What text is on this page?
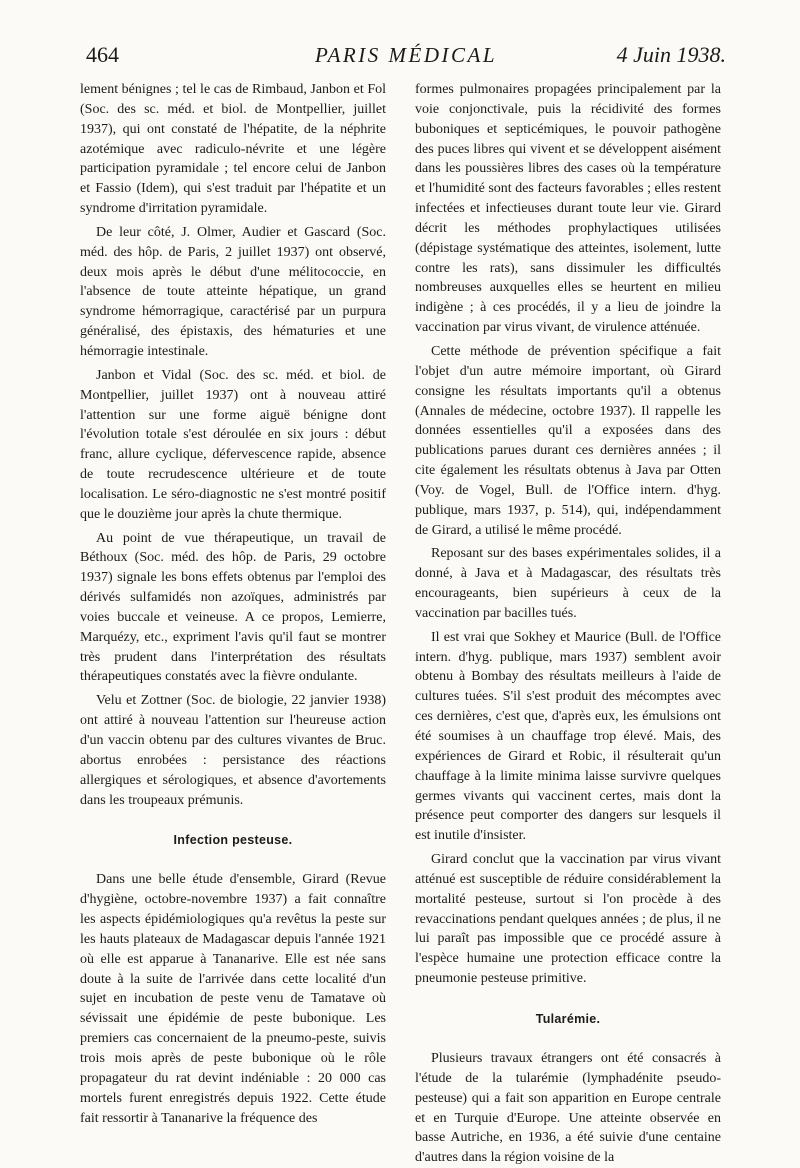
464	PARIS MÉDICAL	4 Juin 1938.

lement bénignes ; tel le cas de Rimbaud, Janbon et Fol (Soc. des sc. méd. et biol. de Montpellier, juillet 1937), qui ont constaté de l'hépatite, de la néphrite azotémique avec radiculo-névrite et une légère participation pyramidale ; tel encore celui de Janbon et Fassio (Idem), qui s'est traduit par l'hépatite et un syndrome d'irritation pyramidale.

De leur côté, J. Olmer, Audier et Gascard (Soc. méd. des hôp. de Paris, 2 juillet 1937) ont observé, deux mois après le début d'une mélitococcie, en l'absence de toute atteinte hépatique, un grand syndrome hémorragique, caractérisé par un purpura généralisé, des épistaxis, des hématuries et une hémorragie intestinale.

Janbon et Vidal (Soc. des sc. méd. et biol. de Montpellier, juillet 1937) ont à nouveau attiré l'attention sur une forme aiguë bénigne dont l'évolution totale s'est déroulée en six jours : début franc, allure cyclique, défervescence rapide, absence de toute recrudescence ultérieure et de toute localisation. Le séro-diagnostic ne s'est montré positif que le douzième jour après la chute thermique.

Au point de vue thérapeutique, un travail de Béthoux (Soc. méd. des hôp. de Paris, 29 octobre 1937) signale les bons effets obtenus par l'emploi des dérivés sulfamidés non azoïques, administrés par voies buccale et veineuse. A ce propos, Lemierre, Marquézy, etc., expriment l'avis qu'il faut se montrer très prudent dans l'interprétation des résultats thérapeutiques constatés avec la fièvre ondulante.

Velu et Zottner (Soc. de biologie, 22 janvier 1938) ont attiré à nouveau l'attention sur l'heureuse action d'un vaccin obtenu par des cultures vivantes de Bruc. abortus enrobées : persistance des réactions allergiques et sérologiques, et absence d'avortements dans les troupeaux prémunis.

Infection pesteuse.

Dans une belle étude d'ensemble, Girard (Revue d'hygiène, octobre-novembre 1937) a fait connaître les aspects épidémiologiques qu'a revêtus la peste sur les hauts plateaux de Madagascar depuis l'année 1921 où elle est apparue à Tananarive. Elle est née sans doute à la suite de l'arrivée dans cette localité d'un sujet en incubation de peste venu de Tamatave où sévissait une épidémie de peste bubonique. Les premiers cas concernaient de la pneumo-peste, suivis trois mois après de peste bubonique où le rôle propagateur du rat devint indéniable : 20 000 cas mortels furent enregistrés depuis 1922. Cette étude fait ressortir à Tananarive la fréquence des

formes pulmonaires propagées principalement par la voie conjonctivale, puis la récidivité des formes buboniques et septicémiques, le pouvoir pathogène des puces libres qui vivent et se développent aisément dans les poussières libres des cases où la température et l'humidité sont des facteurs favorables ; elles restent infectées et infectieuses durant toute leur vie. Girard décrit les méthodes prophylactiques utilisées (dépistage systématique des atteintes, isolement, lutte contre les rats), sans dissimuler les difficultés nombreuses auxquelles elles se heurtent en milieu indigène ; à ces procédés, il y a lieu de joindre la vaccination par virus vivant, de virulence atténuée.

Cette méthode de prévention spécifique a fait l'objet d'un autre mémoire important, où Girard consigne les résultats importants qu'il a obtenus (Annales de médecine, octobre 1937). Il rappelle les données essentielles qu'il a exposées dans des publications parues durant ces dernières années ; il cite également les résultats obtenus à Java par Otten (Voy. de Vogel, Bull. de l'Office intern. d'hyg. publique, mars 1937, p. 514), qui, indépendamment de Girard, a utilisé le même procédé.

Reposant sur des bases expérimentales solides, il a donné, à Java et à Madagascar, des résultats très encourageants, bien supérieurs à ceux de la vaccination par bacilles tués.

Il est vrai que Sokhey et Maurice (Bull. de l'Office intern. d'hyg. publique, mars 1937) semblent avoir obtenu à Bombay des résultats meilleurs à l'aide de cultures tuées. S'il s'est produit des mécomptes avec ces dernières, c'est que, d'après eux, les émulsions ont été soumises à un chauffage trop élevé. Mais, des expériences de Girard et Robic, il résulterait qu'un chauffage à la limite minima laisse survivre quelques germes vivants qui vaccinent certes, mais dont la présence peut comporter des dangers sur lesquels il est inutile d'insister.

Girard conclut que la vaccination par virus vivant atténué est susceptible de réduire considérablement la mortalité pesteuse, surtout si l'on procède à des revaccinations pendant quelques années ; de plus, il ne lui paraît pas impossible que ce procédé assure à l'espèce humaine une protection efficace contre la pneumonie pesteuse primitive.

Tularémie.

Plusieurs travaux étrangers ont été consacrés à l'étude de la tularémie (lymphadénite pseudo-pesteuse) qui a fait son apparition en Europe centrale et en Turquie d'Europe. Une atteinte observée en basse Autriche, en 1936, a été suivie d'une centaine d'autres dans la région voisine de la
